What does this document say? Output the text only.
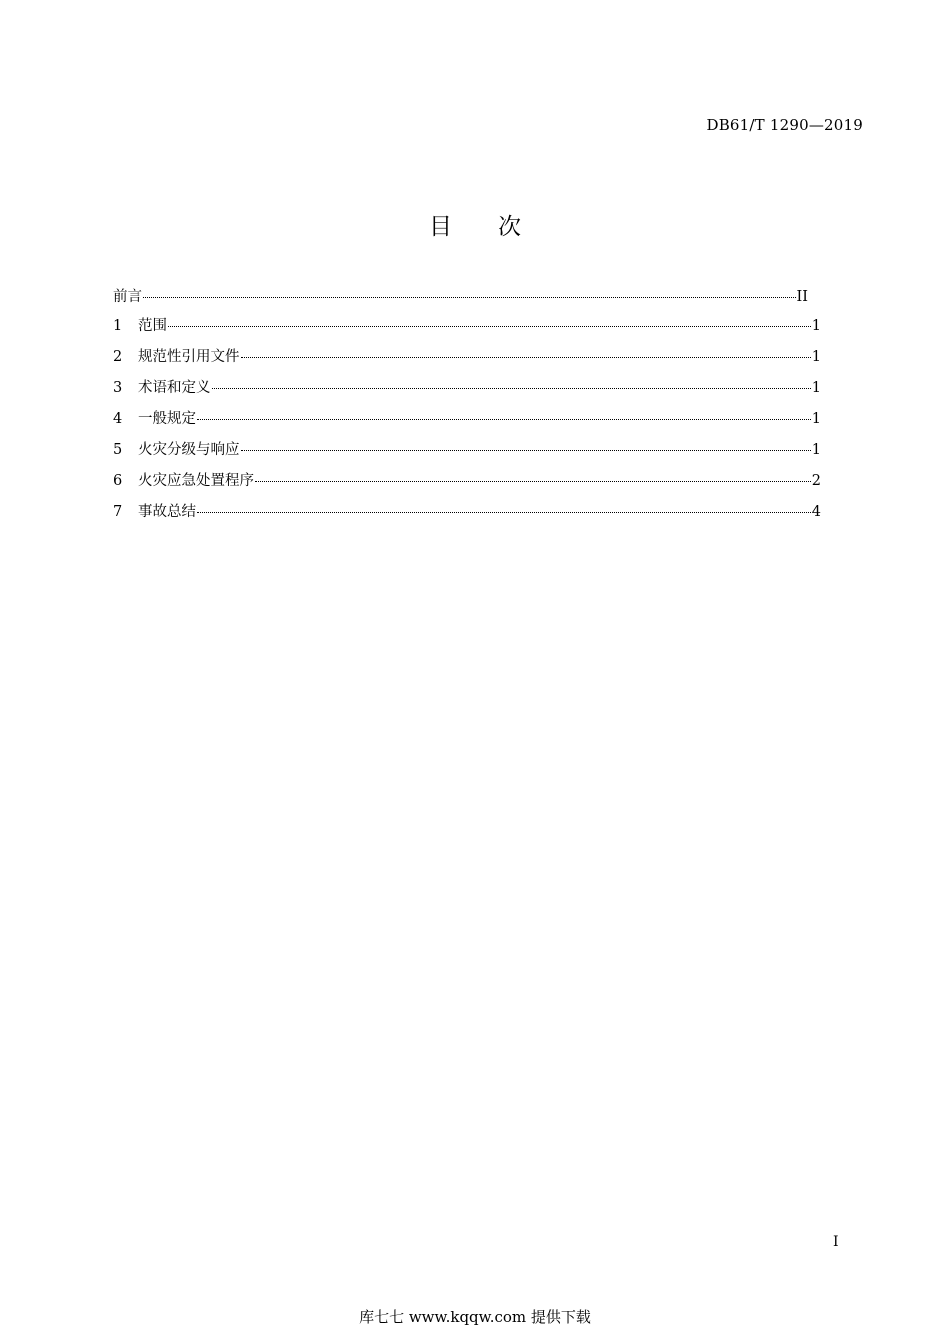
DB61/T 1290—2019
目次
前言	II
1	范围	1
2	规范性引用文件	1
3	术语和定义	1
4	一般规定	1
5	火灾分级与响应	1
6	火灾应急处置程序	2
7	事故总结	4
I
库七七 www.kqqw.com 提供下载
